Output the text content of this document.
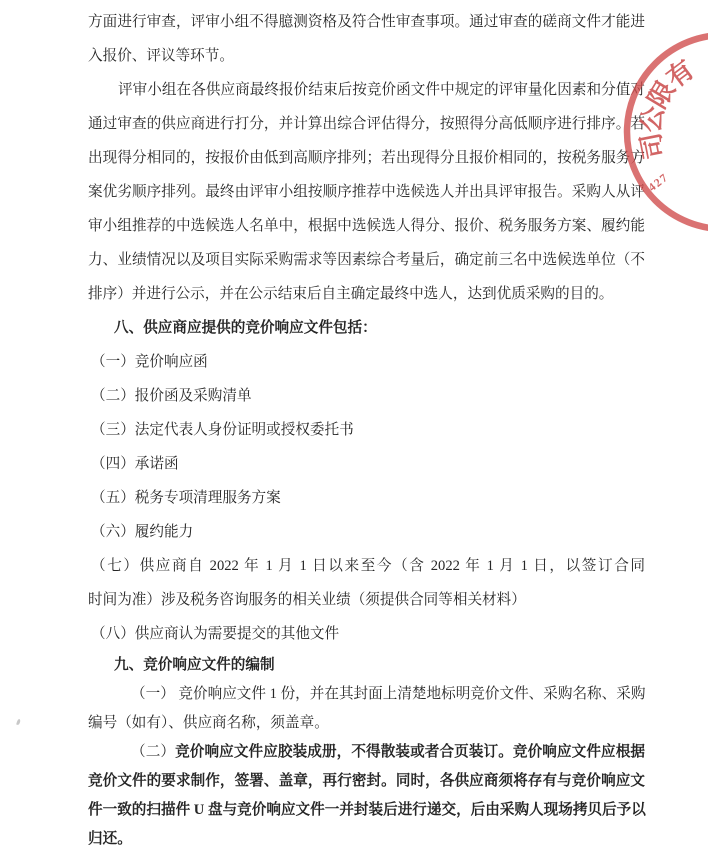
方面进行审查，评审小组不得臆测资格及符合性审查事项。通过审查的磋商文件才能进
入报价、评议等环节。
评审小组在各供应商最终报价结束后按竞价函文件中规定的评审量化因素和分值对
通过审查的供应商进行打分，并计算出综合评估得分，按照得分高低顺序进行排序。若
出现得分相同的，按报价由低到高顺序排列；若出现得分且报价相同的，按税务服务方
案优劣顺序排列。最终由评审小组按顺序推荐中选候选人并出具评审报告。采购人从评
审小组推荐的中选候选人名单中，根据中选候选人得分、报价、税务服务方案、履约能
力、业绩情况以及项目实际采购需求等因素综合考量后，确定前三名中选候选单位（不
排序）并进行公示，并在公示结束后自主确定最终中选人，达到优质采购的目的。
八、供应商应提供的竞价响应文件包括：
（一）竞价响应函
（二）报价函及采购清单
（三）法定代表人身份证明或授权委托书
（四）承诺函
（五）税务专项清理服务方案
（六）履约能力
（七）供应商自 2022 年 1 月 1 日以来至今（含 2022 年 1 月 1 日，以签订合同
时间为准）涉及税务咨询服务的相关业绩（须提供合同等相关材料）
（八）供应商认为需要提交的其他文件
九、竞价响应文件的编制
（一） 竞价响应文件 1 份，并在其封面上清楚地标明竞价文件、采购名称、采购
编号（如有）、供应商名称，须盖章。
（二）竞价响应文件应胶装成册，不得散装或者合页装订。竞价响应文件应根据
竞价文件的要求制作，签署、盖章，再行密封。同时，各供应商须将存有与竞价响应文
件一致的扫描件 U 盘与竞价响应文件一并封装后进行递交，后由采购人现场拷贝后予以
归还。
有
限
公
司
427
